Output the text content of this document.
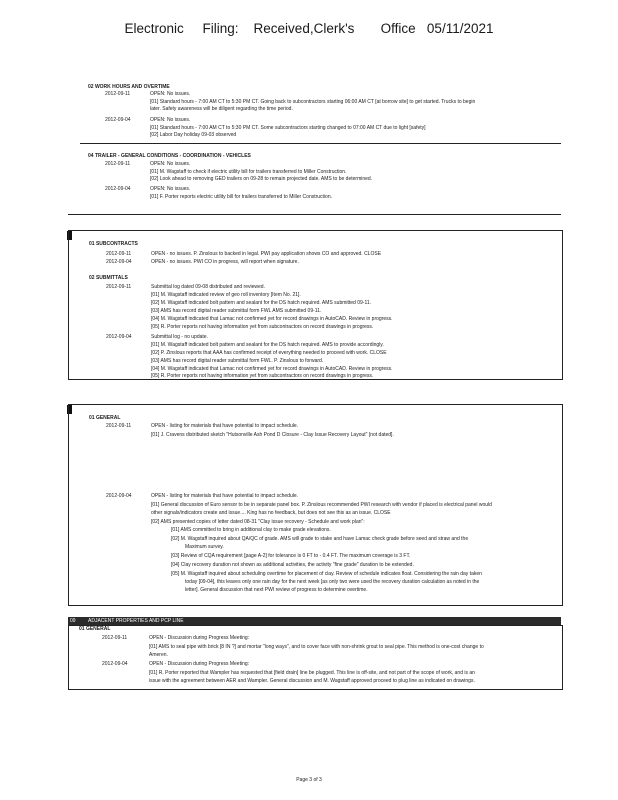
Electronic     Filing:    Received,Clerk's       Office   05/11/2021
02 WORK HOURS AND OVERTIME
2012-09-11	OPEN: No issues.
[01] Standard hours - 7:00 AM CT to 5:30 PM CT. Going back to subcontractors starting 06:00 AM CT [at borrow site] to get started. Trucks to begin
later. Safety awareness will be diligent regarding the time period.
2012-09-04	OPEN: No issues.
[01] Standard hours - 7:00 AM CT to 5:30 PM CT. Some subcontractors starting changed to 07:00 AM CT due to light [safety]
[02] Labor Day holiday 09-03 observed
04 TRAILER - GENERAL CONDITIONS - COORDINATION - VEHICLES
2012-09-11	OPEN: No issues.
[01] M. Wagstaff to check if electric utility bill for trailers transferred to Miller Construction.
[02] Look ahead to removing GED trailers on 09-28 to remain projected date. AMS to be determined.
2012-09-04	OPEN: No issues.
[01] F. Porter reports electric utility bill for trailers transferred to Miller Construction.
01 SUBCONTRACTS
2012-09-11	OPEN - no issues. P. Zinslous to backed in legal. PWI pay application shows CO and approved. CLOSE
2012-09-04	OPEN - no issues. PWI CO in progress, will report when signature.
02 SUBMITTALS
2012-09-11	Submittal log dated 09-08 distributed and reviewed.
[01] M. Wagstaff indicated review of geo roll inventory [Item No. 21].
[02] M. Wagstaff indicated bolt pattern and sealant for the DS hatch required. AMS submitted 09-11.
[03] AMS has record digital reader submittal form FWL AMS submitted 09-11.
[04] M. Wagstaff indicated that Lamac not confirmed yet for record drawings in AutoCAD. Review in progress.
[05] R. Porter reports not having information yet from subcontractors on record drawings in progress.
2012-09-04	Submittal log - no update.
[01] M. Wagstaff indicated bolt pattern and sealant for the DS hatch required. AMS to provide accordingly.
[02] P. Zinslous reports that AAA has confirmed receipt of everything needed to proceed with work. CLOSE
[03] AMS has record digital reader submittal form FWL. P. Zinslous to forward.
[04] M. Wagstaff indicated that Lamac not confirmed yet for record drawings in AutoCAD. Review in progress.
[05] R. Porter reports not having information yet from subcontractors on record drawings in progress.
01 GENERAL
2012-09-11	OPEN - listing for materials that have potential to impact schedule.
[01] J. Cravens distributed sketch "Hutsonville Ash Pond D Closure - Clay Issue Recovery Layout" [not dated].
2012-09-04	OPEN - listing for materials that have potential to impact schedule.
[01] General discussion of Euro sensor to be in separate panel box. P. Zinslous recommended PWI research with vendor if placed is electrical panel would
other signals/indicators create and issue.... King has no feedback, but does not see this as an issue. CLOSE
[02] AMS presented copies of letter dated 08-31 "Clay issue recovery - Schedule and work plan":
[01] AMS committed to bring in additional clay to make grade elevations.
[02] M. Wagstaff inquired about QA/QC of grade. AMS will grade to stake and have Lamac check grade before seed and straw and the
Maximum survey.
[03] Review of CQA requirement [page A-2] for tolerance is 0 FT to - 0.4 FT. The maximum coverage is 3 FT.
[04] Clay recovery duration not shown as additional activities, the activity "fine grade" duration to be extended.
[05] M. Wagstaff inquired about scheduling overtime for placement of clay. Review of schedule indicates float. Considering the rain day taken
today [09-04], this leaves only one rain day for the next week [as only two were used the recovery duration calculation as noted in the
letter]. General discussion that next PWI review of progress to determine overtime.
09 ADJACENT PROPERTIES AND PCP LINE
01 GENERAL
2012-09-11	OPEN - Discussion during Progress Meeting:
[01] AMS to seal pipe with brick [8 IN ?] and mortar "long ways", and to cover face with non-shrink grout to seal pipe. This method is one-cost change to
Ameren.
2012-09-04	OPEN - Discussion during Progress Meeting:
[01] R. Porter reported that Wampler has requested that [field drain] line be plugged. This line is off-site, and not part of the scope of work, and is an
issue with the agreement between AER and Wampler. General discussion and M. Wagstaff approved proceed to plug line as indicated on drawings.
Page 3 of 3
